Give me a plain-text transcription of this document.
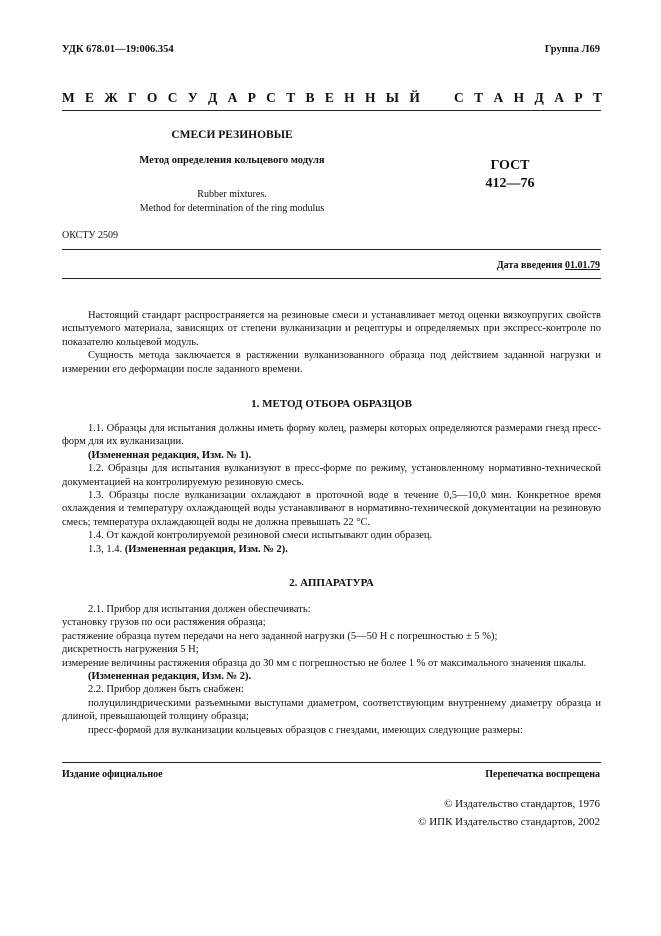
УДК 678.01—19:006.354	Группа Л69
М Е Ж Г О С У Д А Р С Т В Е Н Н Ы Й	С Т А Н Д А Р Т
СМЕСИ РЕЗИНОВЫЕ
Метод определения кольцевого модуля
Rubber mixtures.
Method for determination of the ring modulus
ГОСТ
412—76
ОКСТУ 2509
Дата введения 01.01.79

Настоящий стандарт распространяется на резиновые смеси и устанавливает метод оценки вязкоупругих свойств испытуемого материала, зависящих от степени вулканизации и рецептуры и определяемых при экспресс-контроле по показателю кольцевой модуль.

Сущность метода заключается в растяжении вулканизованного образца под действием заданной нагрузки и измерении его деформации после заданного времени.

1. МЕТОД ОТБОРА ОБРАЗЦОВ

1.1. Образцы для испытания должны иметь форму колец, размеры которых определяются размерами гнезд пресс-форм для их вулканизации.

(Измененная редакция, Изм. № 1).

1.2. Образцы для испытания вулканизуют в пресс-форме по режиму, установленному нормативно-технической документацией на контролируемую резиновую смесь.

1.3. Образцы после вулканизации охлаждают в проточной воде в течение 0,5—10,0 мин. Конкретное время охлаждения и температуру охлаждающей воды устанавливают в нормативно-технической документации на резиновую смесь; температура охлаждающей воды не должна превышать 22 °С.

1.4. От каждой контролируемой резиновой смеси испытывают один образец.

1.3, 1.4. (Измененная редакция, Изм. № 2).

2. АППАРАТУРА

2.1. Прибор для испытания должен обеспечивать:

установку грузов по оси растяжения образца;

растяжение образца путем передачи на него заданной нагрузки (5—50 Н с погрешностью ± 5 %);

дискретность нагружения 5 Н;

измерение величины растяжения образца до 30 мм с погрешностью не более 1 % от максимального значения шкалы.

(Измененная редакция, Изм. № 2).

2.2. Прибор должен быть снабжен:

полуцилиндрическими разъемными выступами диаметром, соответствующим внутреннему диаметру образца и длиной, превышающей толщину образца;

пресс-формой для вулканизации кольцевых образцов с гнездами, имеющих следующие размеры:

Издание официальное	Перепечатка воспрещена
© Издательство стандартов, 1976
© ИПК Издательство стандартов, 2002
